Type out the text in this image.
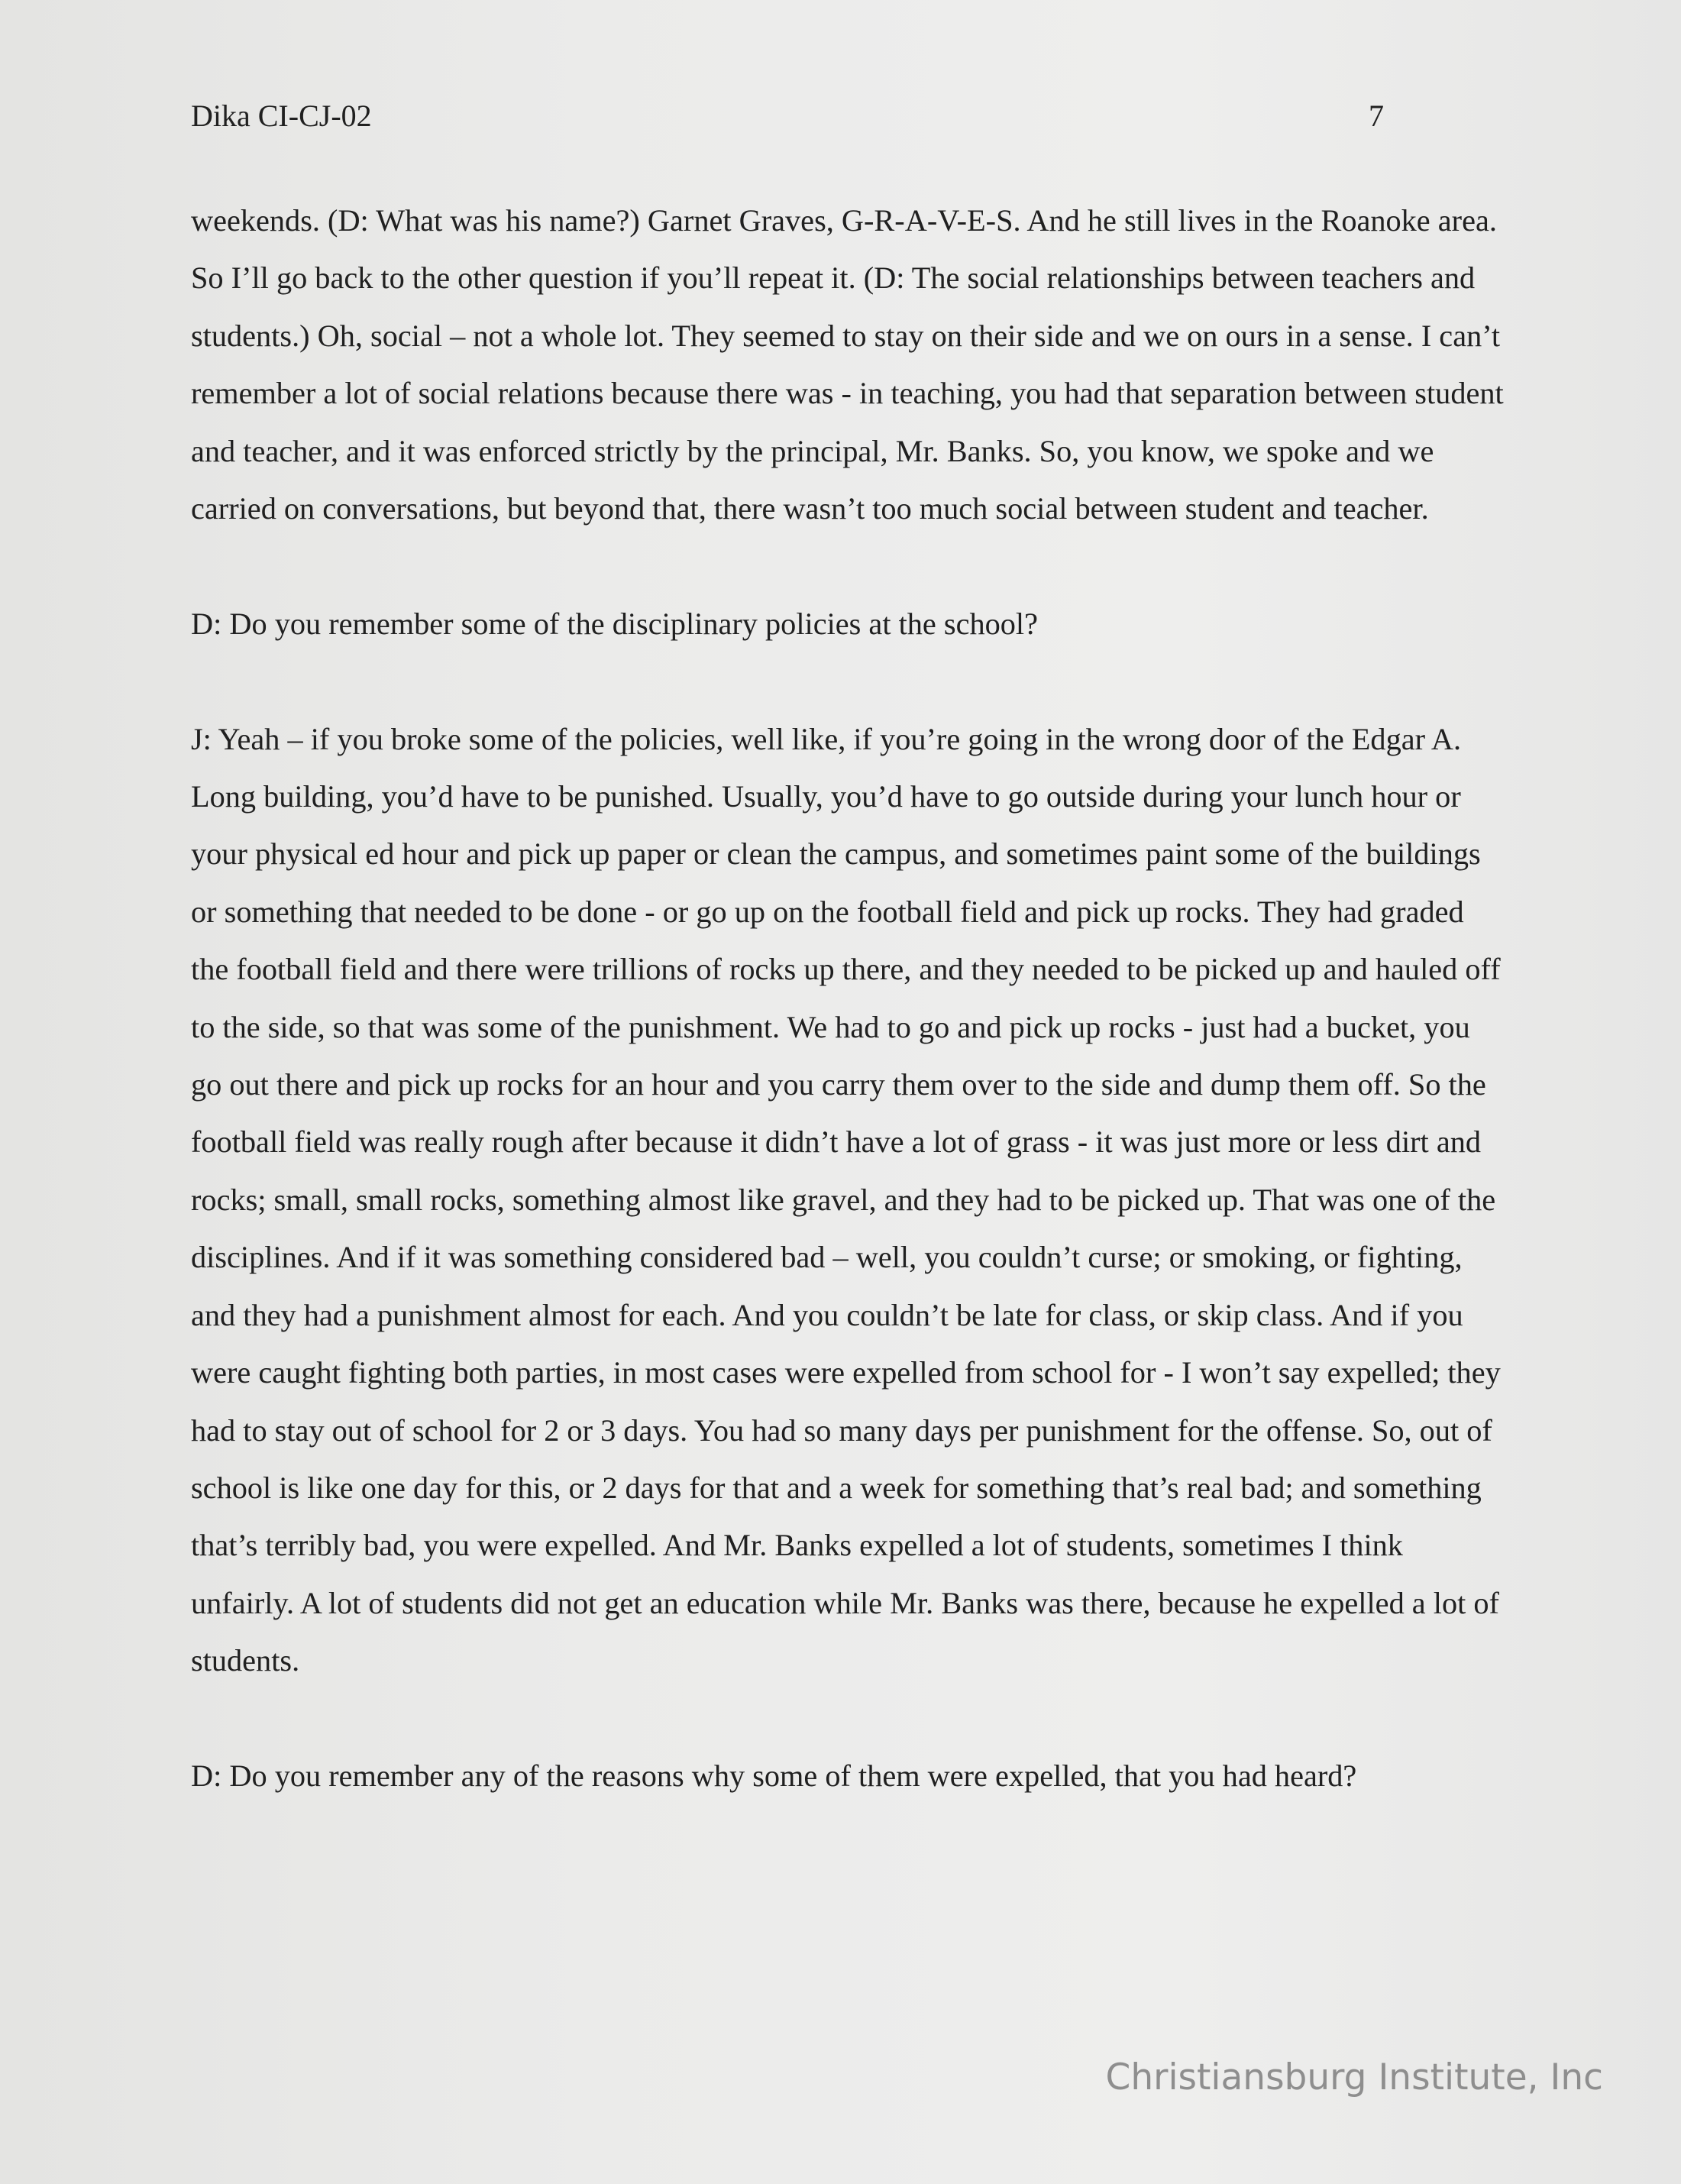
Dika CI-CJ-02	7

weekends. (D: What was his name?) Garnet Graves, G-R-A-V-E-S. And he still lives in the Roanoke area. So I’ll go back to the other question if you’ll repeat it. (D: The social relationships between teachers and students.) Oh, social – not a whole lot. They seemed to stay on their side and we on ours in a sense. I can’t remember a lot of social relations because there was - in teaching, you had that separation between student and teacher, and it was enforced strictly by the principal, Mr. Banks. So, you know, we spoke and we carried on conversations, but beyond that, there wasn’t too much social between student and teacher.

D: Do you remember some of the disciplinary policies at the school?

J: Yeah – if you broke some of the policies, well like, if you’re going in the wrong door of the Edgar A. Long building, you’d have to be punished. Usually, you’d have to go outside during your lunch hour or your physical ed hour and pick up paper or clean the campus, and sometimes paint some of the buildings or something that needed to be done - or go up on the football field and pick up rocks. They had graded the football field and there were trillions of rocks up there, and they needed to be picked up and hauled off to the side, so that was some of the punishment. We had to go and pick up rocks - just had a bucket, you go out there and pick up rocks for an hour and you carry them over to the side and dump them off. So the football field was really rough after because it didn’t have a lot of grass - it was just more or less dirt and rocks; small, small rocks, something almost like gravel, and they had to be picked up. That was one of the disciplines. And if it was something considered bad – well, you couldn’t curse; or smoking, or fighting, and they had a punishment almost for each. And you couldn’t be late for class, or skip class. And if you were caught fighting both parties, in most cases were expelled from school for - I won’t say expelled; they had to stay out of school for 2 or 3 days. You had so many days per punishment for the offense. So, out of school is like one day for this, or 2 days for that and a week for something that’s real bad; and something that’s terribly bad, you were expelled. And Mr. Banks expelled a lot of students, sometimes I think unfairly. A lot of students did not get an education while Mr. Banks was there, because he expelled a lot of students.

D: Do you remember any of the reasons why some of them were expelled, that you had heard?

Christiansburg Institute, Inc
